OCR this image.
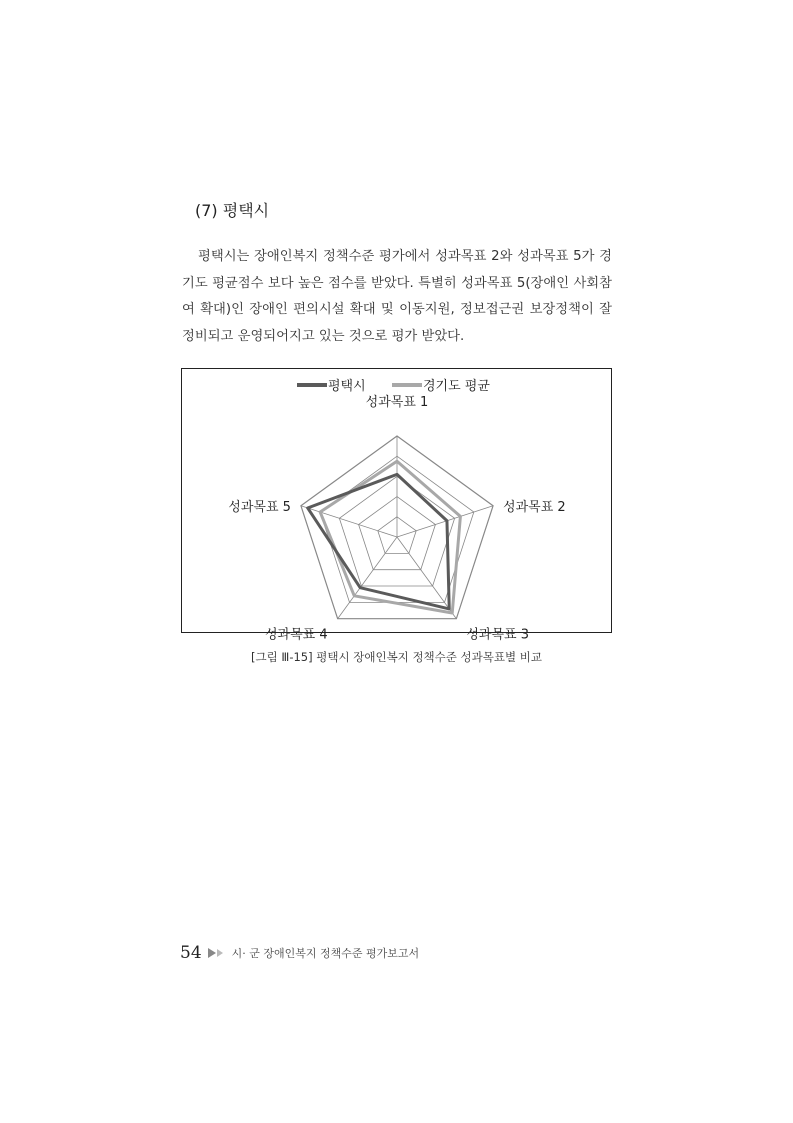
(7) 평택시
평택시는 장애인복지 정책수준 평가에서 성과목표 2와 성과목표 5가 경기도 평균점수 보다 높은 점수를 받았다. 특별히 성과목표 5(장애인 사회참여 확대)인 장애인 편의시설 확대 및 이동지원, 정보접근권 보장정책이 잘 정비되고 운영되어지고 있는 것으로 평가 받았다.
평택시	경기도 평균
성과목표 1
성과목표 2
성과목표 3
성과목표 4
성과목표 5
[그림 Ⅲ-15] 평택시 장애인복지 정책수준 성과목표별 비교
54	시· 군 장애인복지 정책수준 평가보고서
